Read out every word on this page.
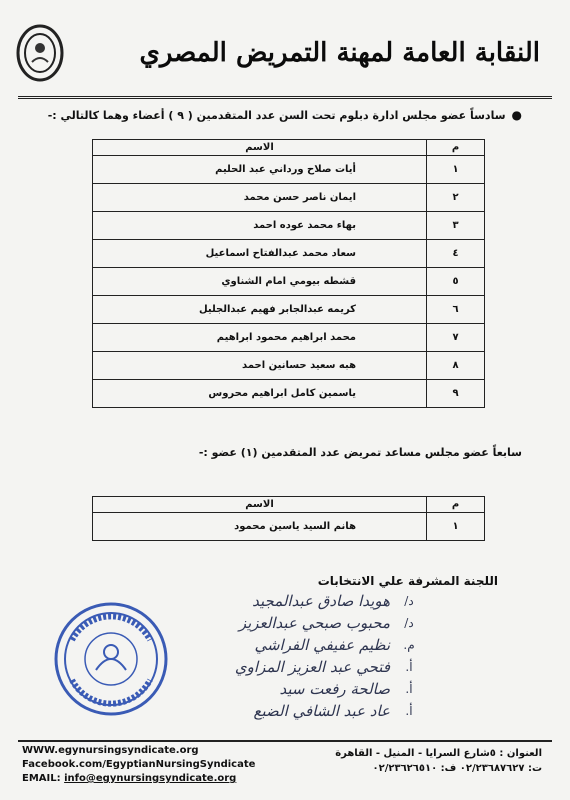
النقابة العامة لمهنة التمريض المصري
●سادساً عضو مجلس ادارة دبلوم تحت السن عدد المتقدمين ( ٩ ) أعضاء وهما كالتالي :-
م	الاسم
١	أيات صلاح ورداني عبد الحليم
٢	ايمان ناصر حسن محمد
٣	بهاء محمد عوده احمد
٤	سعاد محمد عبدالفتاح اسماعيل
٥	قشطه بيومي امام الشناوي
٦	كريمه عبدالجابر فهيم عبدالجليل
٧	محمد ابراهيم محمود ابراهيم
٨	هبه سعيد حسانين احمد
٩	ياسمين كامل ابراهيم محروس
سابعاً عضو مجلس مساعد تمريض عدد المتقدمين (١) عضو :-
م	الاسم
١	هانم السيد ياسين محمود
اللجنة المشرفة علي الانتخابات
د/
هويدا صادق عبدالمجيد
د/
محبوب صبحي عبدالعزيز
م.
نظيم عفيفي الفراشي
أ.
فتحي عبد العزيز المزاوي
أ.
صالحة رفعت سيد
أ.
عاد عبد الشافي الضبع
WWW.egynursingsyndicate.org
Facebook.com/EgyptianNursingSyndicate
EMAIL: info@egynursingsyndicate.org
العنوان : ٥شارع السرايا - المنيل - القاهرة
ت: ٠٢/٢٣٦٨٧٦٢٧ ف: ٠٢/٢٣٦٢٦٥١٠
